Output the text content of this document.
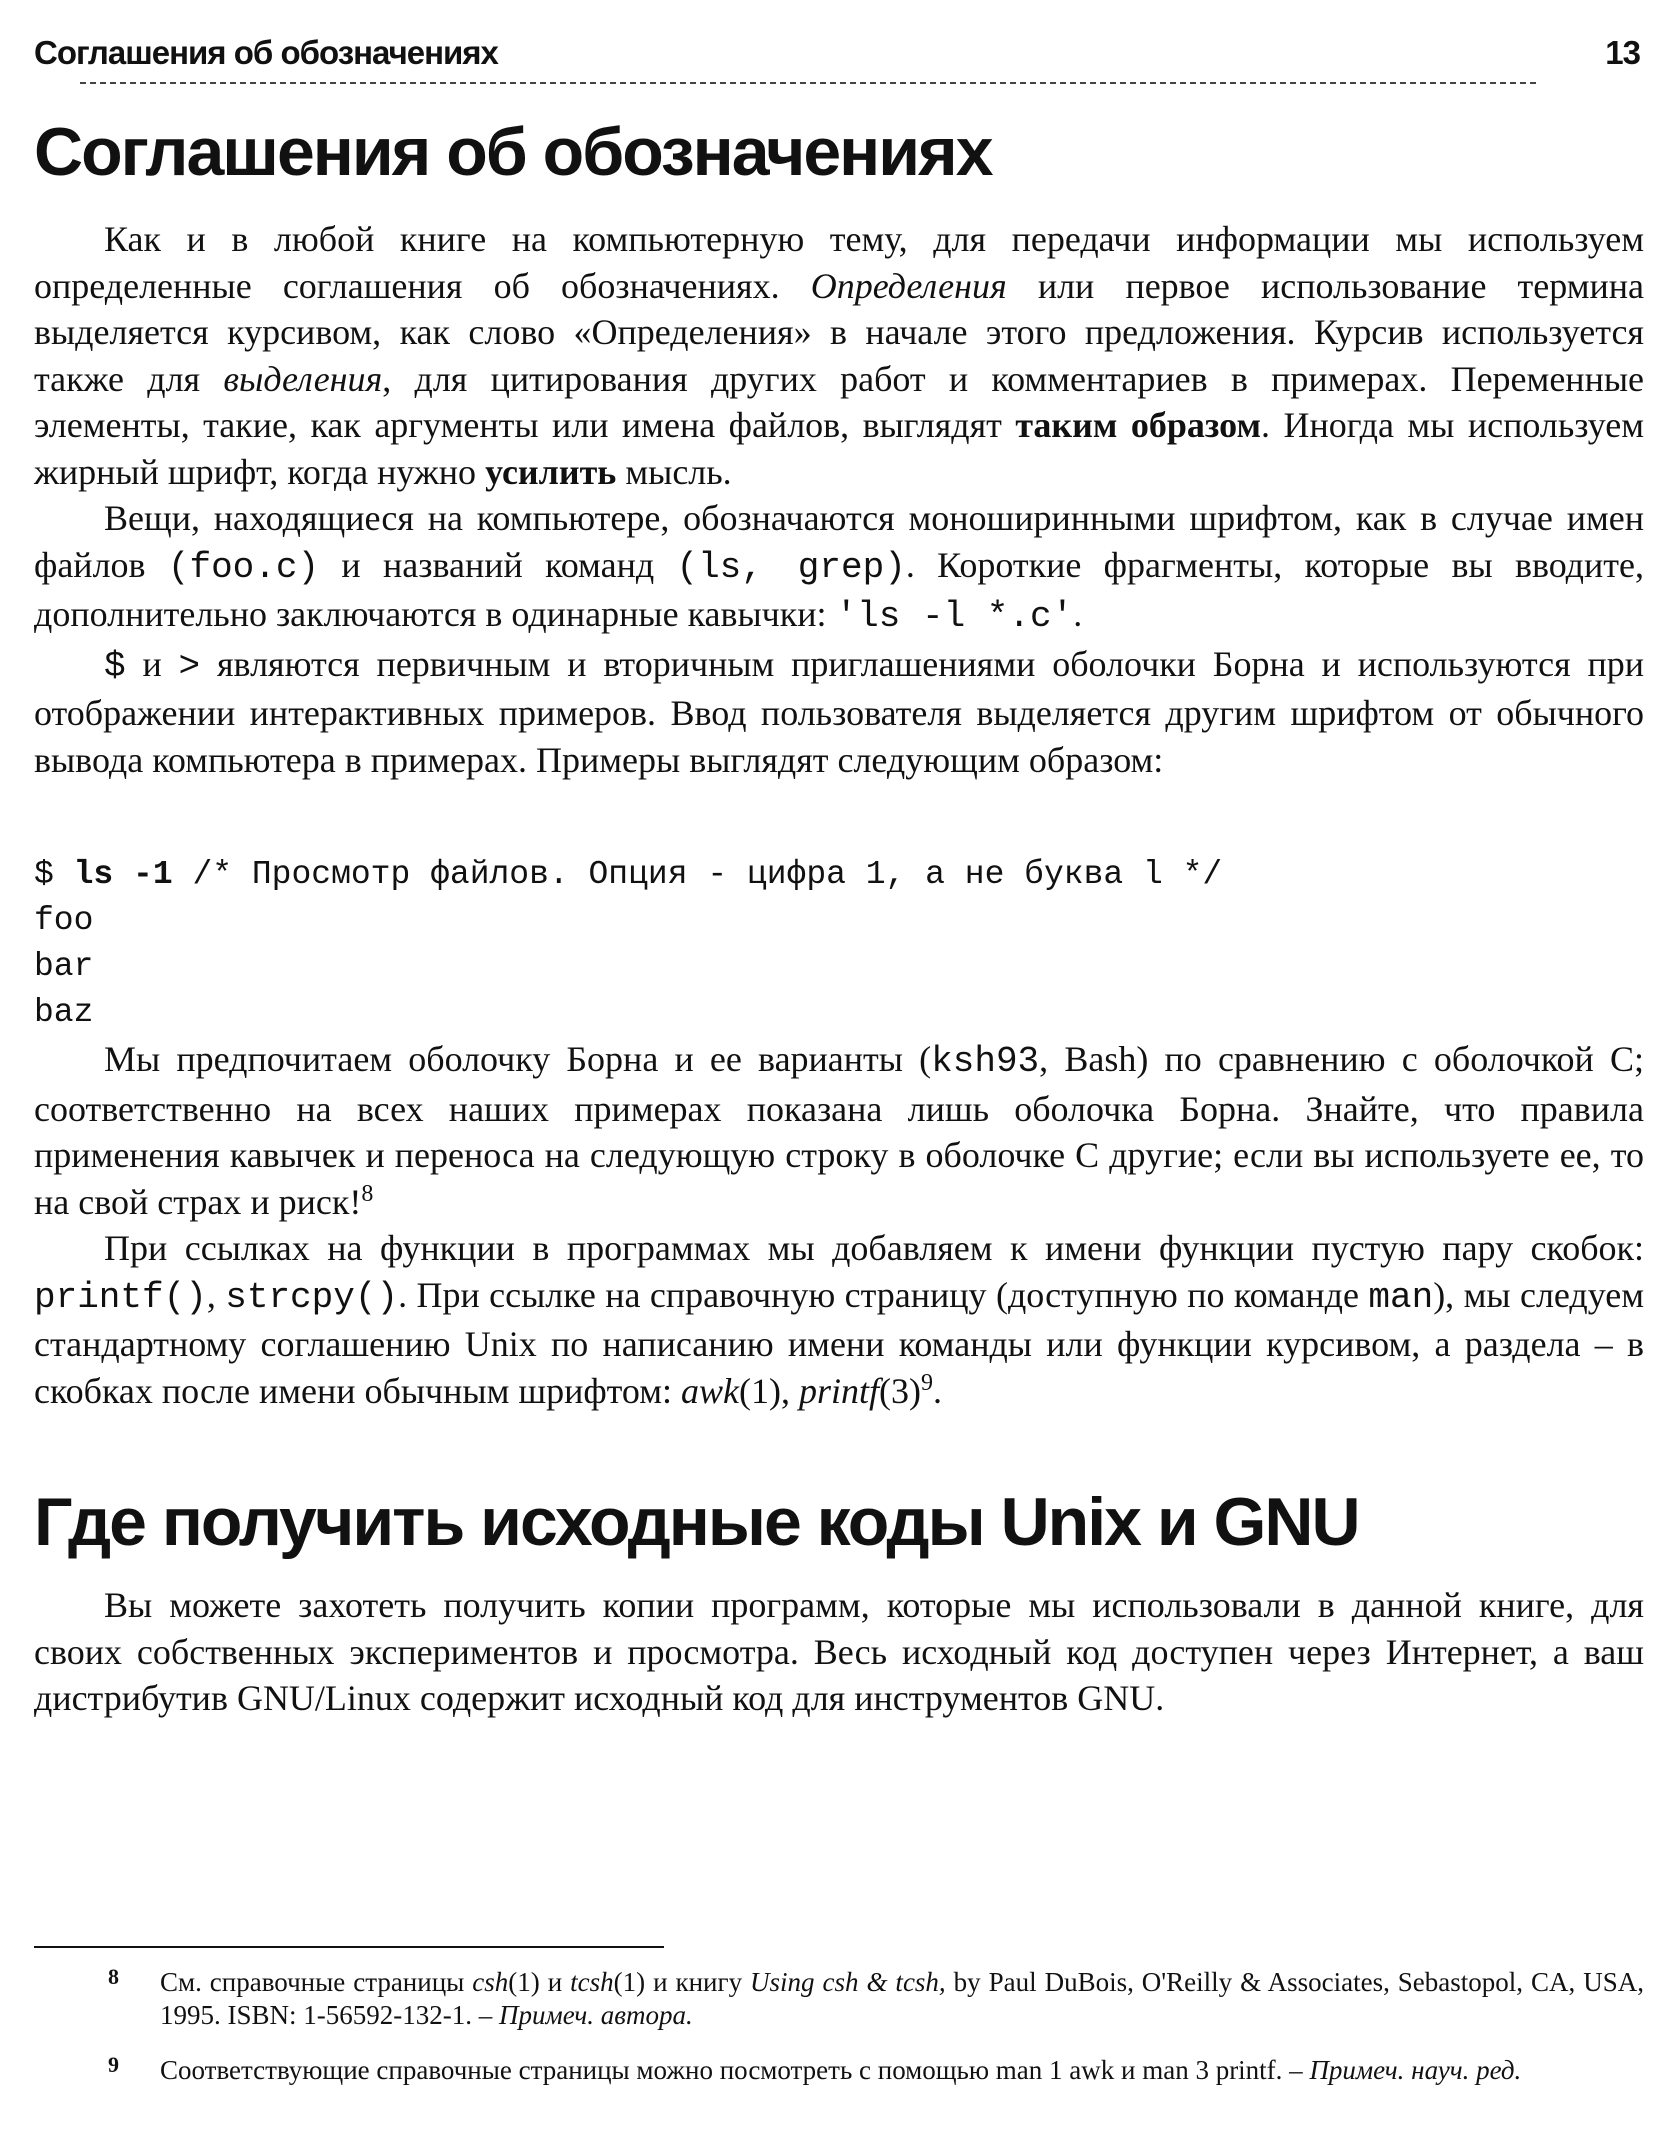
Соглашения об обозначениях	13
Соглашения об обозначениях

Как и в любой книге на компьютерную тему, для передачи информации мы используем определенные соглашения об обозначениях. Определения или первое использование термина выделяется курсивом, как слово «Определения» в начале этого предложения. Курсив используется также для выделения, для цитирования других работ и комментариев в примерах. Переменные элементы, такие, как аргументы или имена файлов, выглядят таким образом. Иногда мы используем жирный шрифт, когда нужно усилить мысль.

Вещи, находящиеся на компьютере, обозначаются моноширинными шрифтом, как в случае имен файлов (foo.c) и названий команд (ls, grep). Короткие фрагменты, которые вы вводите, дополнительно заключаются в одинарные кавычки: 'ls -l *.c'.

$ и > являются первичным и вторичным приглашениями оболочки Борна и используются при отображении интерактивных примеров. Ввод пользователя выделяется другим шрифтом от обычного вывода компьютера в примерах. Примеры выглядят следующим образом:

$ ls -1 /* Просмотр файлов. Опция - цифра 1, а не буква l */
foo
bar
baz

Мы предпочитаем оболочку Борна и ее варианты (ksh93, Bash) по сравнению с оболочкой С; соответственно на всех наших примерах показана лишь оболочка Борна. Знайте, что правила применения кавычек и переноса на следующую строку в оболочке С другие; если вы используете ее, то на свой страх и риск!$^8$

При ссылках на функции в программах мы добавляем к имени функции пустую пару скобок: printf(), strcpy(). При ссылке на справочную страницу (доступную по команде man), мы следуем стандартному соглашению Unix по написанию имени команды или функции курсивом, а раздела – в скобках после имени обычным шрифтом: awk(1), $printf(3)^9$.

Где получить исходные коды Unix и GNU

Вы можете захотеть получить копии программ, которые мы использовали в данной книге, для своих собственных экспериментов и просмотра. Весь исходный код доступен через Интернет, а ваш дистрибутив GNU/Linux содержит исходный код для инструментов GNU.

8 См. справочные страницы csh(1) и tcsh(1) и книгу Using csh & tcsh, by Paul DuBois, O'Reilly & Associates, Sebastopol, CA, USA, 1995. ISBN: 1-56592-132-1. – Примеч. автора.
9 Соответствующие справочные страницы можно посмотреть с помощью man 1 awk и man 3 printf. – Примеч. науч. ред.
